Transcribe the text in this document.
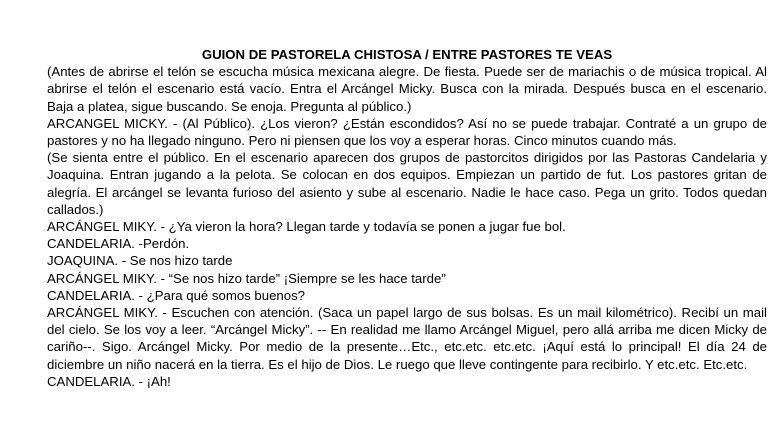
GUION DE PASTORELA CHISTOSA / ENTRE PASTORES TE VEAS

(Antes de abrirse el telón se escucha música mexicana alegre. De fiesta. Puede ser de mariachis o de música tropical. Al abrirse el telón el escenario está vacío. Entra el Arcángel Micky. Busca con la mirada. Después busca en el escenario. Baja a platea, sigue buscando. Se enoja. Pregunta al público.)

ARCANGEL MICKY. - (Al Público). ¿Los vieron? ¿Están escondidos? Así no se puede trabajar. Contraté a un grupo de pastores y no ha llegado ninguno. Pero ni piensen que los voy a esperar horas. Cinco minutos cuando más.

(Se sienta entre el público. En el escenario aparecen dos grupos de pastorcitos dirigidos por las Pastoras Candelaria y Joaquina. Entran jugando a la pelota. Se colocan en dos equipos. Empiezan un partido de fut. Los pastores gritan de alegría. El arcángel se levanta furioso del asiento y sube al escenario. Nadie le hace caso. Pega un grito. Todos quedan callados.)

ARCÁNGEL MIKY. - ¿Ya vieron la hora? Llegan tarde y todavía se ponen a jugar fue bol.

CANDELARIA. -Perdón.

JOAQUINA. - Se nos hizo tarde

ARCÁNGEL MIKY. - “Se nos hizo tarde” ¡Siempre se les hace tarde”

CANDELARIA. - ¿Para qué somos buenos?

ARCÁNGEL MIKY. - Escuchen con atención. (Saca un papel largo de sus bolsas. Es un mail kilométrico). Recibí un mail del cielo. Se los voy a leer. “Arcángel Micky”. -- En realidad me llamo Arcángel Miguel, pero allá arriba me dicen Micky de cariño--. Sigo. Arcángel Micky. Por medio de la presente…Etc., etc.etc. etc.etc. ¡Aquí está lo principal! El día 24 de diciembre un niño nacerá en la tierra. Es el hijo de Dios. Le ruego que lleve contingente para recibirlo. Y etc.etc. Etc.etc.

CANDELARIA. - ¡Ah!
